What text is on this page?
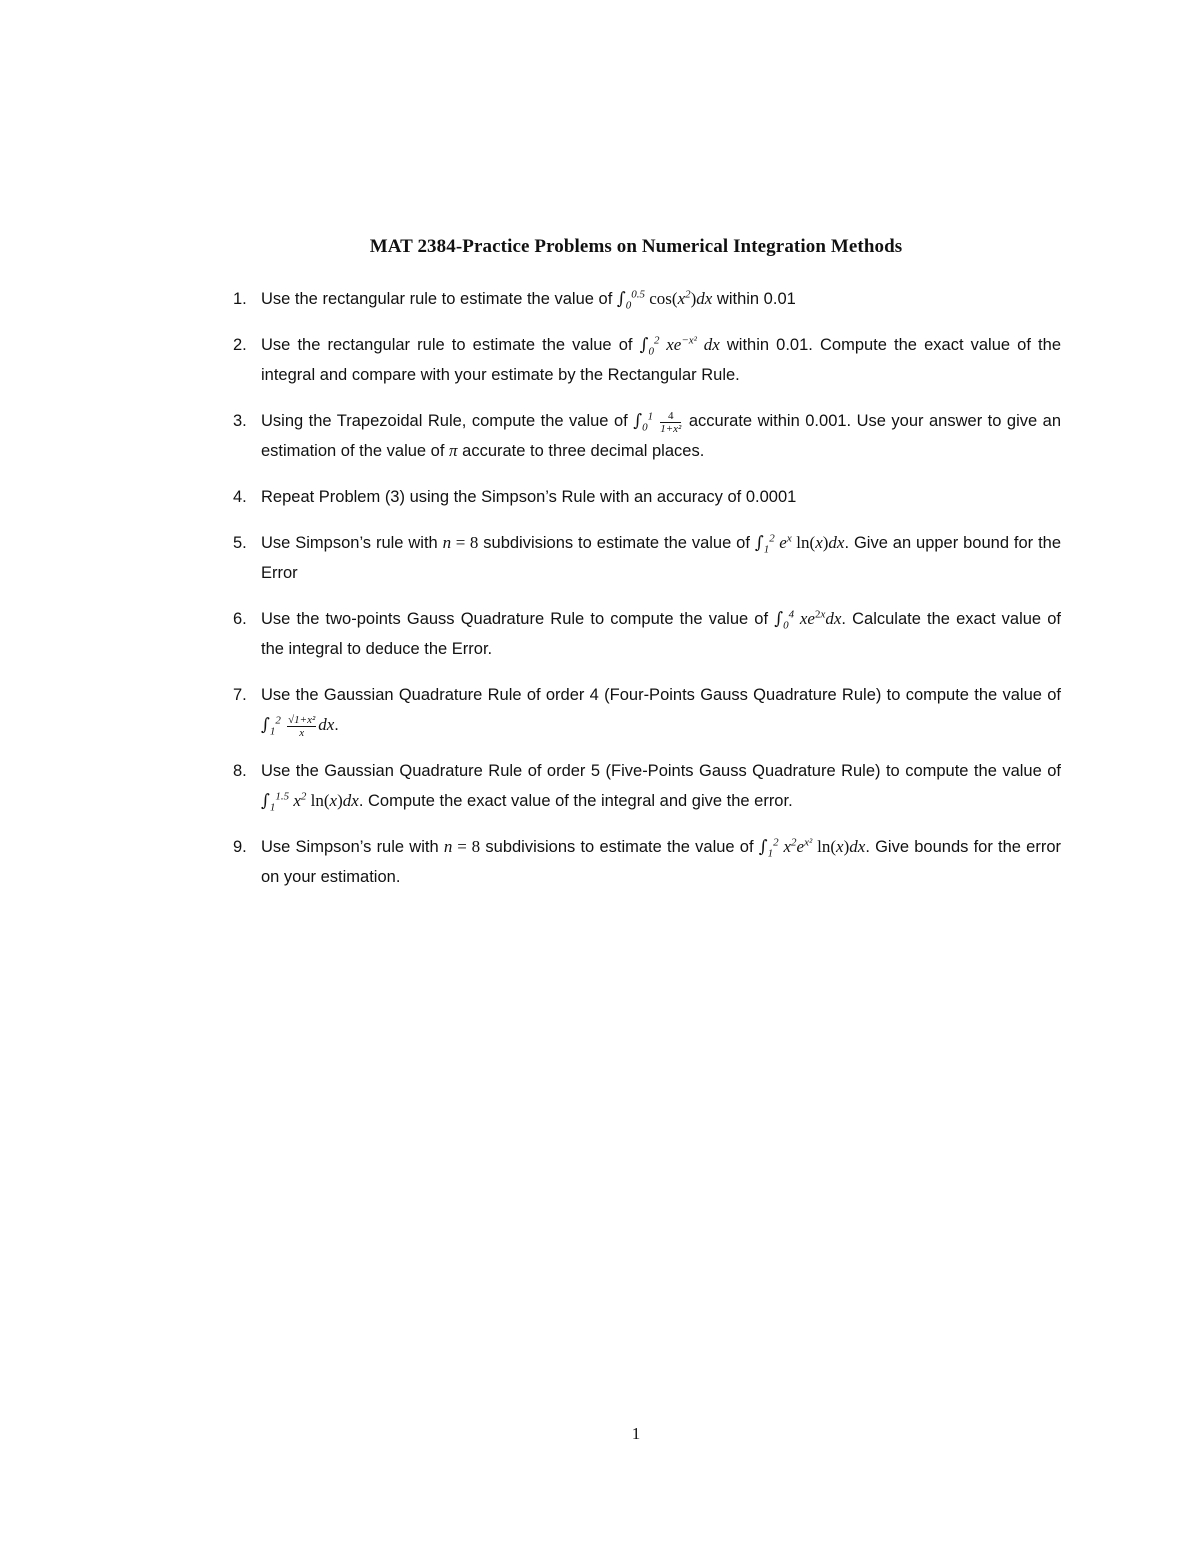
MAT 2384-Practice Problems on Numerical Integration Methods
1. Use the rectangular rule to estimate the value of $\int_0^{0.5}$ $\cos(x^2)dx$ within 0.01
2. Use the rectangular rule to estimate the value of $\int_0^2$ $xe^{-x^2}$ dx within 0.01. Compute the exact value of the integral and compare with your estimate by the Rectangular Rule.
3. Using the Trapezoidal Rule, compute the value of $\int_0^1 \frac{4}{\text{1+x²}}$ accurate within 0.001. Use your answer to give an estimation of the value of π accurate to three decimal places.
4. Repeat Problem (3) using the Simpson’s Rule with an accuracy of 0.0001
5. Use Simpson’s rule with n = 8 subdivisions to estimate the value of $\int_1^2$ $e^x$ ln(x)dx. Give an upper bound for the Error
6. Use the two-points Gauss Quadrature Rule to compute the value of $\int_0^4$ $xe^{2x}dx$. Calculate the exact value of the integral to deduce the Error.
7. Use the Gaussian Quadrature Rule of order 4 (Four-Points Gauss Quadrature Rule) to compute the value of $\int_1^2 \frac{\text{√1+x²}}{x}$ dx.
8. Use the Gaussian Quadrature Rule of order 5 (Five-Points Gauss Quadrature Rule) to compute the value of $\int_1^{1.5}$ $x^2$ ln(x)dx. Compute the exact value of the integral and give the error.
9. Use Simpson’s rule with n = 8 subdivisions to estimate the value of $\int_1^2$ $x^2e^{x^2}$ ln(x)dx. Give bounds for the error on your estimation.
1
